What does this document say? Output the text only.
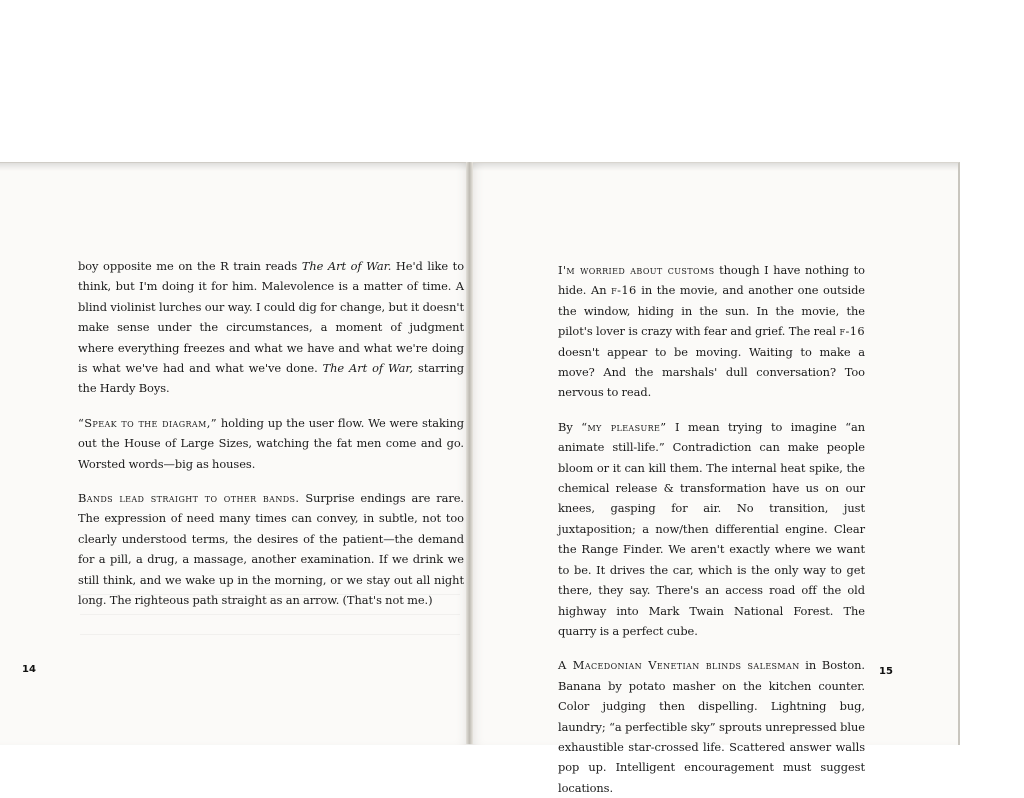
boy opposite me on the R train reads The Art of War. He'd like to think, but I'm doing it for him. Malevolence is a matter of time. A blind violinist lurches our way. I could dig for change, but it doesn't make sense under the circumstances, a moment of judgment where everything freezes and what we have and what we're doing is what we've had and what we've done. The Art of War, starring the Hardy Boys.

“Speak to the diagram,” holding up the user flow. We were staking out the House of Large Sizes, watching the fat men come and go. Worsted words—big as houses.

Bands lead straight to other bands. Surprise endings are rare. The expression of need many times can convey, in subtle, not too clearly understood terms, the desires of the patient—the demand for a pill, a drug, a massage, another examination. If we drink we still think, and we wake up in the morning, or we stay out all night long. The righteous path straight as an arrow. (That's not me.)

14

I'm worried about customs though I have nothing to hide. An f-16 in the movie, and another one outside the window, hiding in the sun. In the movie, the pilot's lover is crazy with fear and grief. The real f-16 doesn't appear to be moving. Waiting to make a move? And the marshals' dull conversation? Too nervous to read.

By “my pleasure” I mean trying to imagine “an animate still-life.” Contradiction can make people bloom or it can kill them. The internal heat spike, the chemical release & transformation have us on our knees, gasping for air. No transition, just juxtaposition; a now/then differential engine. Clear the Range Finder. We aren't exactly where we want to be. It drives the car, which is the only way to get there, they say. There's an access road off the old highway into Mark Twain National Forest. The quarry is a perfect cube.

A Macedonian Venetian blinds salesman in Boston. Banana by potato masher on the kitchen counter. Color judging then dispelling. Lightning bug, laundry; “a perfectible sky” sprouts unrepressed blue exhaustible star-crossed life. Scattered answer walls pop up. Intelligent encouragement must suggest locations.

15
